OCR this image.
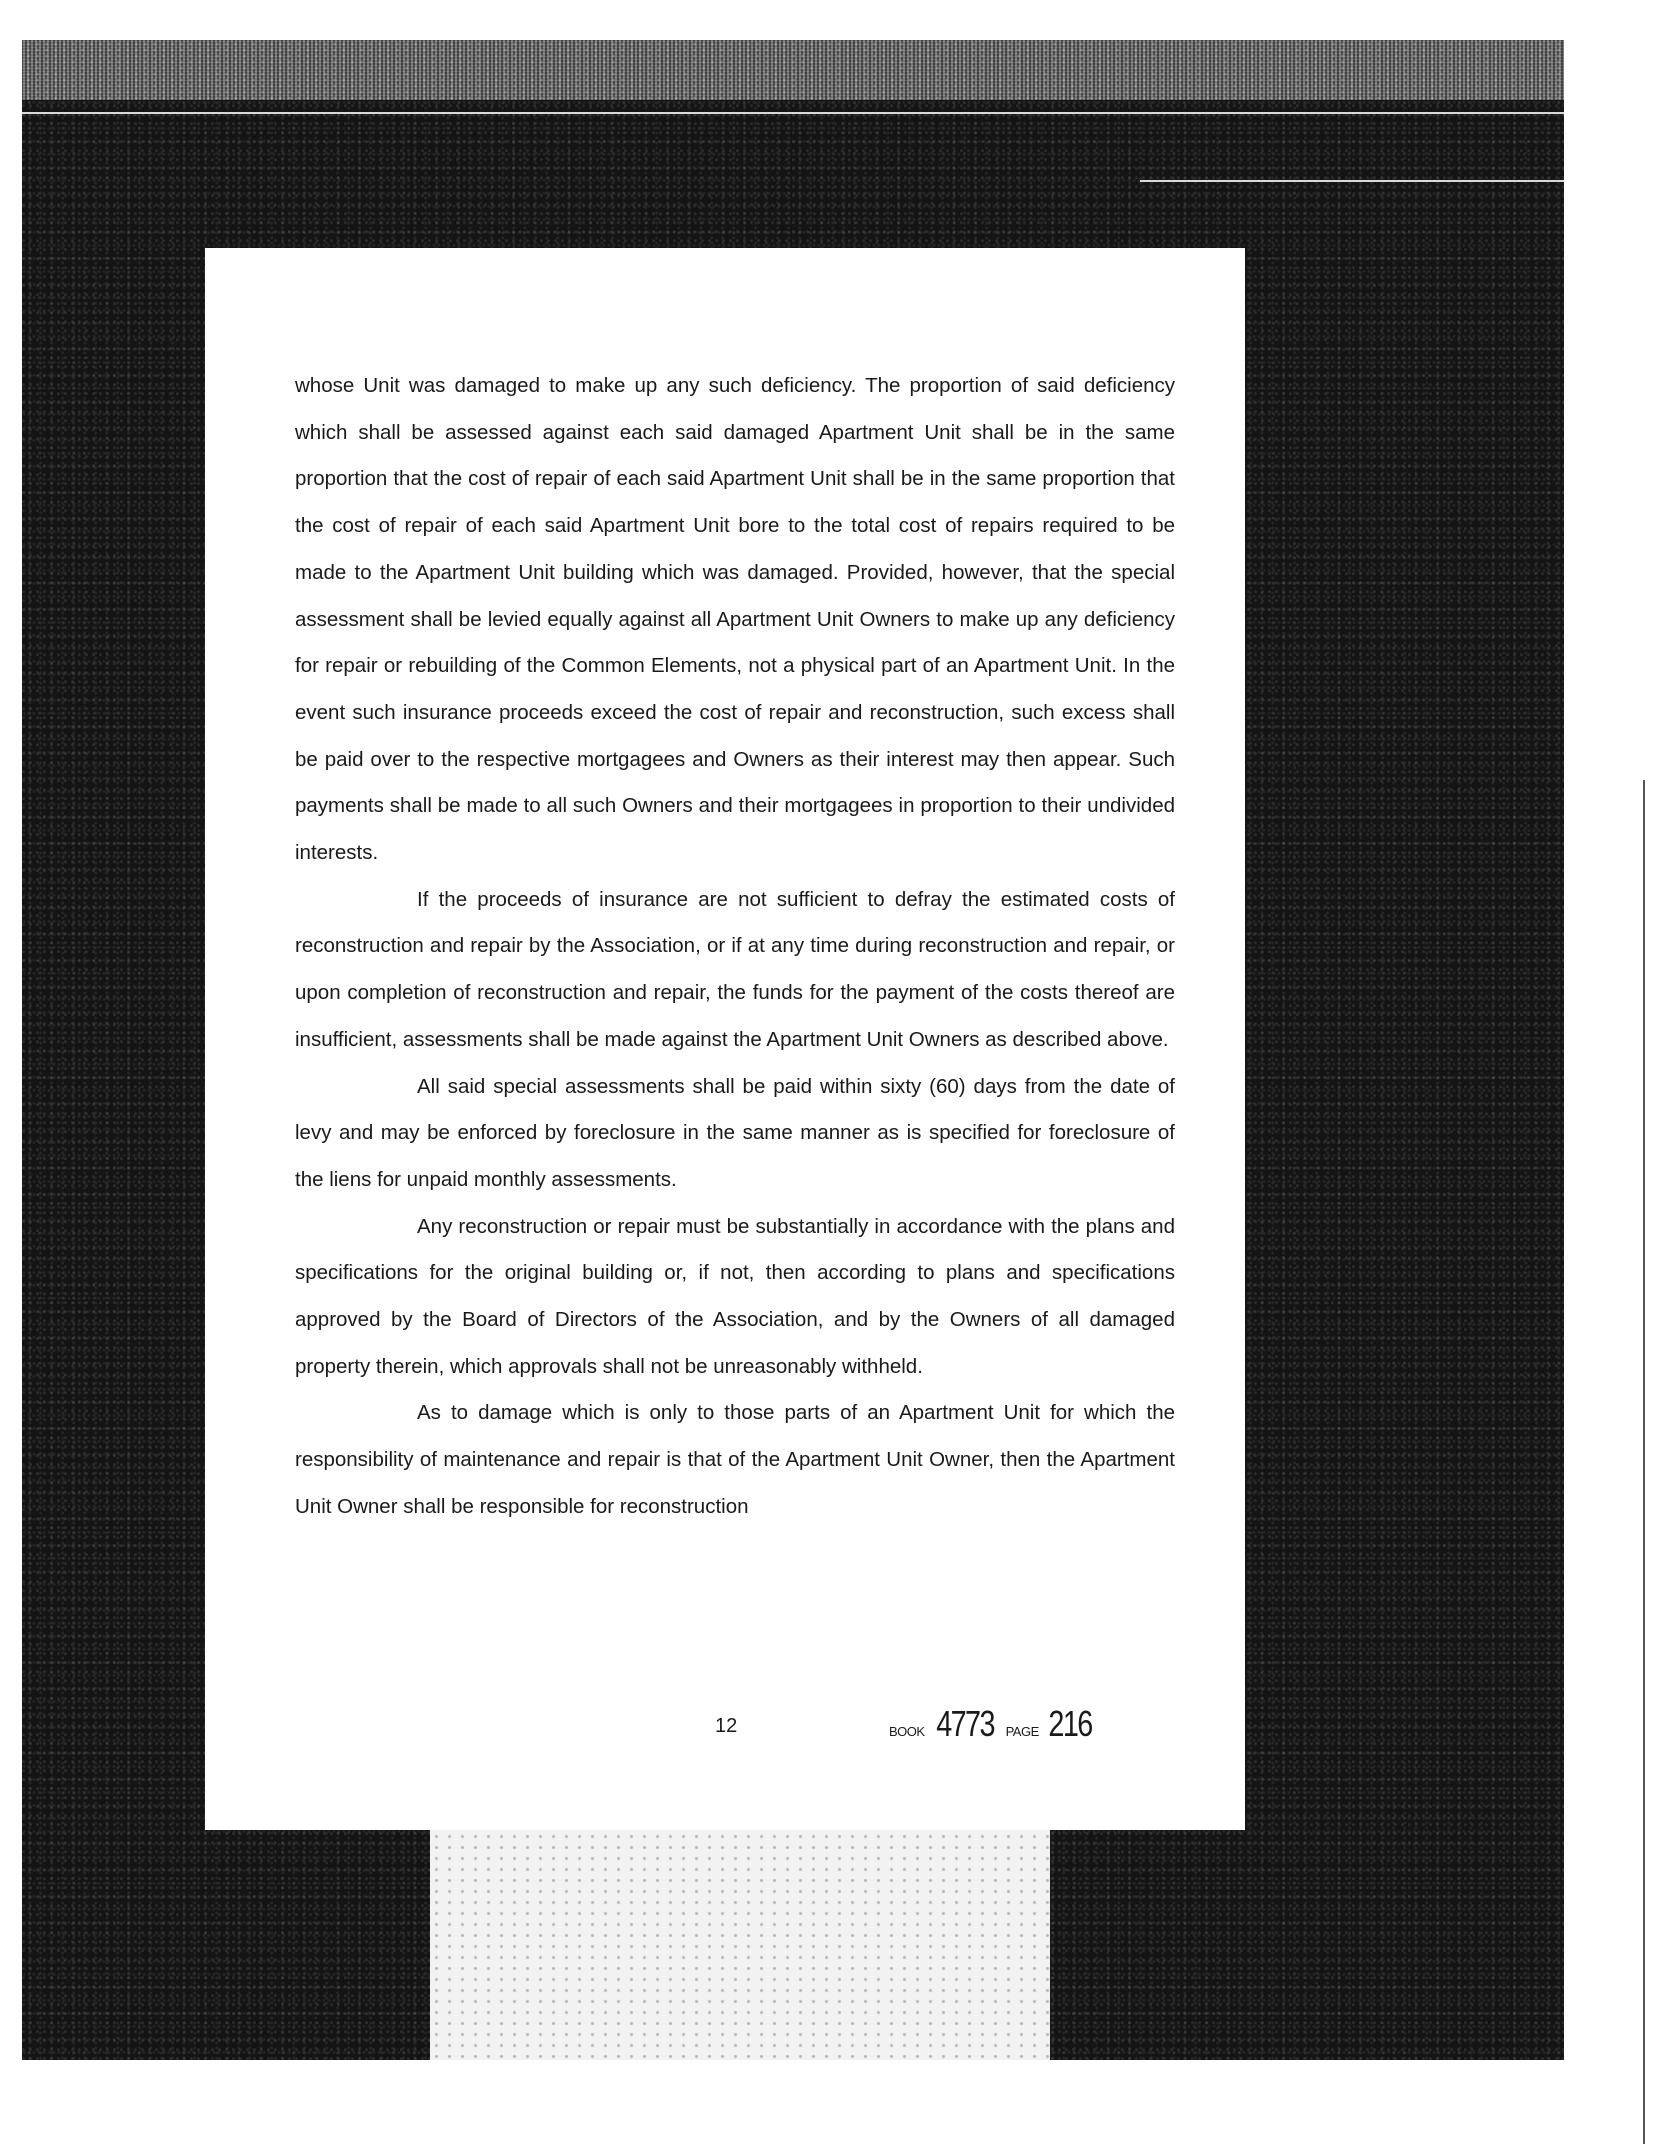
whose Unit was damaged to make up any such deficiency. The proportion of said deficiency which shall be assessed against each said damaged Apartment Unit shall be in the same proportion that the cost of repair of each said Apartment Unit shall be in the same proportion that the cost of repair of each said Apartment Unit bore to the total cost of repairs required to be made to the Apartment Unit building which was damaged. Provided, however, that the special assessment shall be levied equally against all Apartment Unit Owners to make up any deficiency for repair or rebuilding of the Common Elements, not a physical part of an Apartment Unit. In the event such insurance proceeds exceed the cost of repair and reconstruction, such excess shall be paid over to the respective mortgagees and Owners as their interest may then appear. Such payments shall be made to all such Owners and their mortgagees in proportion to their undivided interests.

If the proceeds of insurance are not sufficient to defray the estimated costs of reconstruction and repair by the Association, or if at any time during reconstruction and repair, or upon completion of reconstruction and repair, the funds for the payment of the costs thereof are insufficient, assessments shall be made against the Apartment Unit Owners as described above.

All said special assessments shall be paid within sixty (60) days from the date of levy and may be enforced by foreclosure in the same manner as is specified for foreclosure of the liens for unpaid monthly assessments.

Any reconstruction or repair must be substantially in accordance with the plans and specifications for the original building or, if not, then according to plans and specifications approved by the Board of Directors of the Association, and by the Owners of all damaged property therein, which approvals shall not be unreasonably withheld.

As to damage which is only to those parts of an Apartment Unit for which the responsibility of maintenance and repair is that of the Apartment Unit Owner, then the Apartment Unit Owner shall be responsible for reconstruction

12	BOOK 4773 PAGE 216
